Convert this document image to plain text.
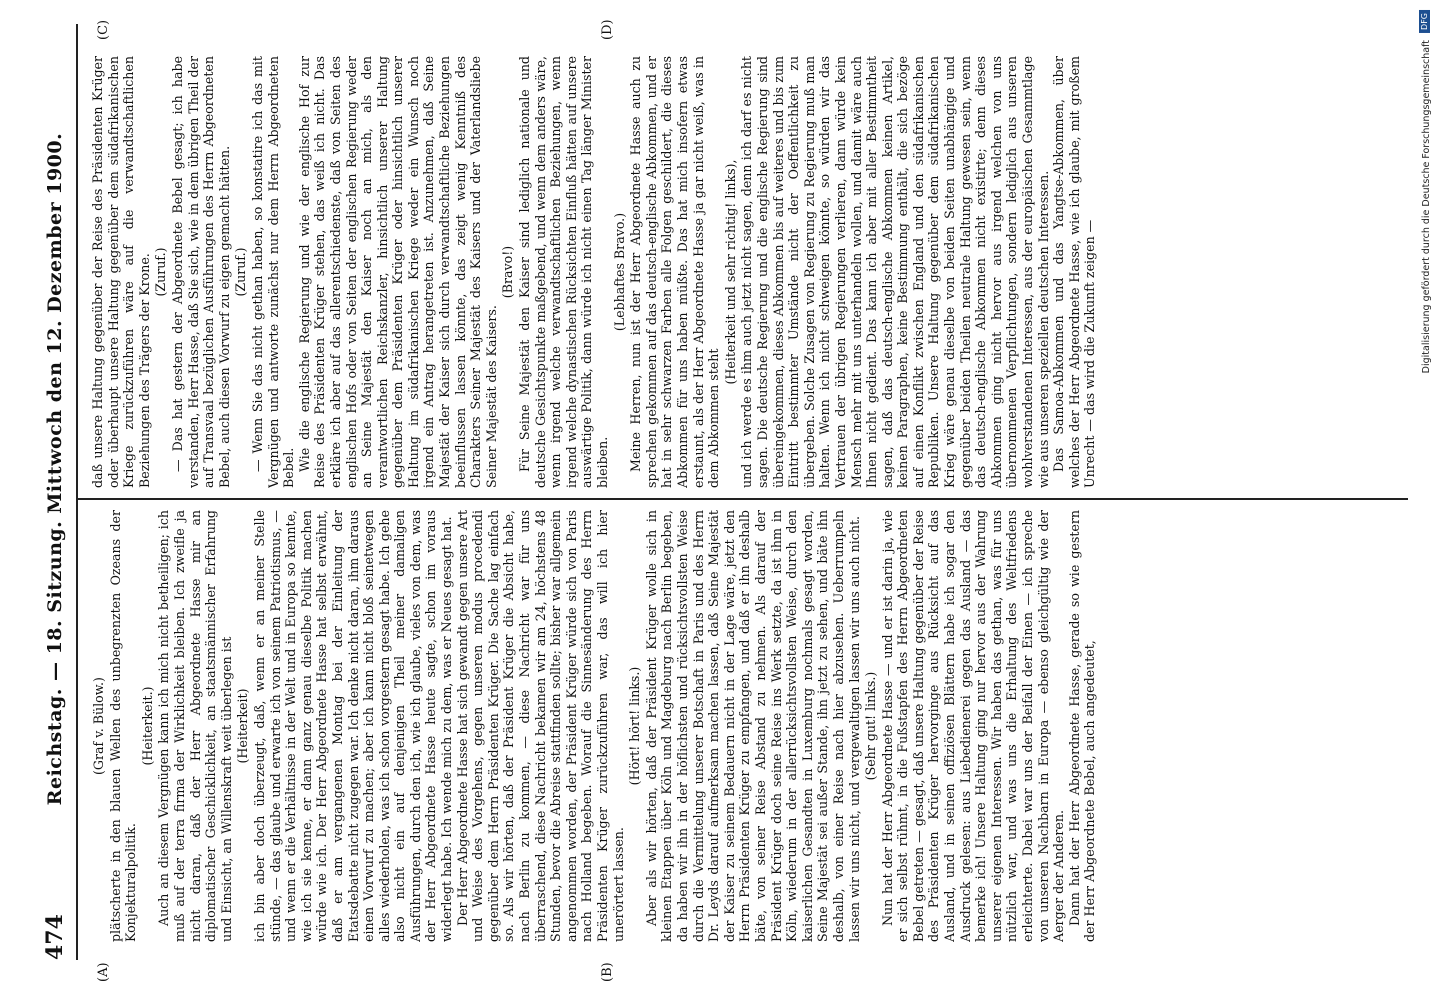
474
Reichstag. — 18. Sitzung. Mittwoch den 12. Dezember 1900.
(A)	(B)
(C)	(D)

(Graf v. Bülow.) plätscherte in den blauen Wellen des unbegrenzten Ozeans der Konjekturalpolitik.

(Heiterkeit.) Auch an diesem Vergnügen kann ich mich nicht betheiligen; ich muß auf der terra firma der Wirklichkeit bleiben. Ich zweifle ja nicht daran, daß der Herr Abgeordnete Hasse mir an diplomatischer Geschicklichkeit, an staatsmännischer Erfahrung und Einsicht, an Willenskraft weit überlegen ist (Heiterkeit) ich bin aber doch überzeugt, daß, wenn er an meiner Stelle stünde, — das glaube und erwarte ich von seinem Patriotismus, — und wenn er die Verhältnisse in der Welt und in Europa so kennte, wie ich sie kenne, er dann ganz genau dieselbe Politik machen würde wie ich. Der Herr Abgeordnete Hasse hat selbst erwähnt, daß er am vergangenen Montag bei der Einleitung der Etatsdebatte nicht zugegen war. Ich denke nicht daran, ihm daraus einen Vorwurf zu machen; aber ich kann nicht bloß seinetwegen alles wiederholen, was ich schon vorgestern gesagt habe. Ich gehe also nicht ein auf denjenigen Theil meiner damaligen Ausführungen, durch den ich, wie ich glaube, vieles von dem, was der Herr Abgeordnete Hasse heute sagte, schon im voraus widerlegt habe. Ich wende mich zu dem, was er Neues gesagt hat. Der Herr Abgeordnete Hasse hat sich gewandt gegen unsere Art und Weise des Vorgehens, gegen unseren modus procedendi gegenüber dem Herrn Präsidenten Krüger. Die Sache lag einfach so. Als wir hörten, daß der Präsident Krüger die Absicht habe, nach Berlin zu kommen, — diese Nachricht war für uns überraschend, diese Nachricht bekamen wir am 24, höchstens 48 Stunden, bevor die Abreise stattfinden sollte; bisher war allgemein angenommen worden, der Präsident Krüger würde sich von Paris nach Holland begeben. Worauf die Sinnesänderung des Herrn Präsidenten Krüger zurückzuführen war, das will ich hier unerörtert lassen.

(Hört! hört! links.) Aber als wir hörten, daß der Präsident Krüger wolle sich in kleinen Etappen über Köln und Magdeburg nach Berlin begeben, da haben wir ihn in der höflichsten und rücksichtsvollsten Weise durch die Vermittelung unserer Botschaft in Paris und des Herrn Dr. Leyds darauf aufmerksam machen lassen, daß Seine Majestät der Kaiser zu seinem Bedauern nicht in der Lage wäre, jetzt den Herrn Präsidenten Krüger zu empfangen, und daß er ihn deshalb bäte, von seiner Reise Abstand zu nehmen. Als darauf der Präsident Krüger doch seine Reise ins Werk setzte, da ist ihm in Köln, wiederum in der allerrücksichtsvollsten Weise, durch den kaiserlichen Gesandten in Luxemburg nochmals gesagt worden, Seine Majestät sei außer Stande, ihn jetzt zu sehen, und bäte ihn deshalb, von einer Reise nach hier abzusehen. Ueberrumpeln lassen wir uns nicht, und vergewaltigen lassen wir uns auch nicht. (Sehr gut! links.) Nun hat der Herr Abgeordnete Hasse — und er ist darin ja, wie er sich selbst rühmt, in die Fußstapfen des Herrn Abgeordneten Bebel getreten — gesagt, daß unsere Haltung gegenüber der Reise des Präsidenten Krüger hervorginge aus Rücksicht auf das Ausland, und in seinen offiziösen Blättern habe ich sogar den Ausdruck gelesen: aus Liebedienerei gegen das Ausland — das bemerke ich! Unsere Haltung ging nur hervor aus der Wahrung unserer eigenen Interessen. Wir haben das gethan, was für uns nützlich war, und was uns die Erhaltung des Weltfriedens erleichterte. Dabei war uns der Beifall der Einen — ich spreche von unseren Nachbarn in Europa — ebenso gleichgültig wie der Aerger der Anderen. Dann hat der Herr Abgeordnete Hasse, gerade so wie gestern der Herr Abgeordnete Bebel, auch angedeutet,

daß unsere Haltung gegenüber der Reise des Präsidenten Krüger oder überhaupt unsere Haltung gegenüber dem südafrikanischen Kriege zurückzuführen wäre auf die verwandtschaftlichen Beziehungen des Trägers der Krone. (Zuruf.) — Das hat gestern der Abgeordnete Bebel gesagt; ich habe verstanden, Herr Hasse, daß Sie sich, wie in dem übrigen Theil der auf Transvaal bezüglichen Ausführungen des Herrn Abgeordneten Bebel, auch diesen Vorwurf zu eigen gemacht hätten. (Zuruf.) — Wenn Sie das nicht gethan haben, so konstatire ich das mit Vergnügen und antworte zunächst nur dem Herrn Abgeordneten Bebel. Wie die englische Regierung und wie der englische Hof zur Reise des Präsidenten Krüger stehen, das weiß ich nicht. Das erkläre ich aber auf das allerentschiedenste, daß von Seiten des englischen Hofs oder von Seiten der englischen Regierung weder an Seine Majestät den Kaiser noch an mich, als den verantwortlichen Reichskanzler, hinsichtlich unserer Haltung gegenüber dem Präsidenten Krüger oder hinsichtlich unserer Haltung im südafrikanischen Kriege weder ein Wunsch noch irgend ein Antrag herangetreten ist. Anzunehmen, daß Seine Majestät der Kaiser sich durch verwandtschaftliche Beziehungen beeinflussen lassen könnte, das zeigt wenig Kenntniß des Charakters Seiner Majestät des Kaisers und der Vaterlandsliebe Seiner Majestät des Kaisers.

(Bravo!) Für Seine Majestät den Kaiser sind lediglich nationale und deutsche Gesichtspunkte maßgebend, und wenn dem anders wäre, wenn irgend welche verwandtschaftlichen Beziehungen, wenn irgend welche dynastischen Rücksichten Einfluß hätten auf unsere auswärtige Politik, dann würde ich nicht einen Tag länger Minister bleiben.

(Lebhaftes Bravo.) Meine Herren, nun ist der Herr Abgeordnete Hasse auch zu sprechen gekommen auf das deutsch-englische Abkommen, und er hat in sehr schwarzen Farben alle Folgen geschildert, die dieses Abkommen für uns haben müßte. Das hat mich insofern etwas erstaunt, als der Herr Abgeordnete Hasse ja gar nicht weiß, was in dem Abkommen steht

(Heiterkeit und sehr richtig! links), und ich werde es ihm auch jetzt nicht sagen, denn ich darf es nicht sagen. Die deutsche Regierung und die englische Regierung sind übereingekommen, dieses Abkommen bis auf weiteres und bis zum Eintritt bestimmter Umstände nicht der Oeffentlichkeit zu übergeben. Solche Zusagen von Regierung zu Regierung muß man halten. Wenn ich nicht schweigen könnte, so würden wir das Vertrauen der übrigen Regierungen verlieren, dann würde kein Mensch mehr mit uns unterhandeln wollen, und damit wäre auch Ihnen nicht gedient. Das kann ich aber mit aller Bestimmtheit sagen, daß das deutsch-englische Abkommen keinen Artikel, keinen Paragraphen, keine Bestimmung enthält, die sich bezöge auf einen Konflikt zwischen England und den südafrikanischen Republiken. Unsere Haltung gegenüber dem südafrikanischen Krieg wäre genau dieselbe von beiden Seiten unabhängige und gegenüber beiden Theilen neutrale Haltung gewesen sein, wenn das deutsch-englische Abkommen nicht existirte; denn dieses Abkommen ging nicht hervor aus irgend welchen von uns übernommenen Verpflichtungen, sondern lediglich aus unseren wohlverstandenen Interessen, aus der europäischen Gesammtlage wie aus unseren speziellen deutschen Interessen. Das Samoa-Abkommen und das Yangtse-Abkommen, über welches der Herr Abgeordnete Hasse, wie ich glaube, mit großem Unrecht — das wird die Zukunft zeigen —

DFG
Digitalisierung gefördert durch die Deutsche Forschungsgemeinschaft
